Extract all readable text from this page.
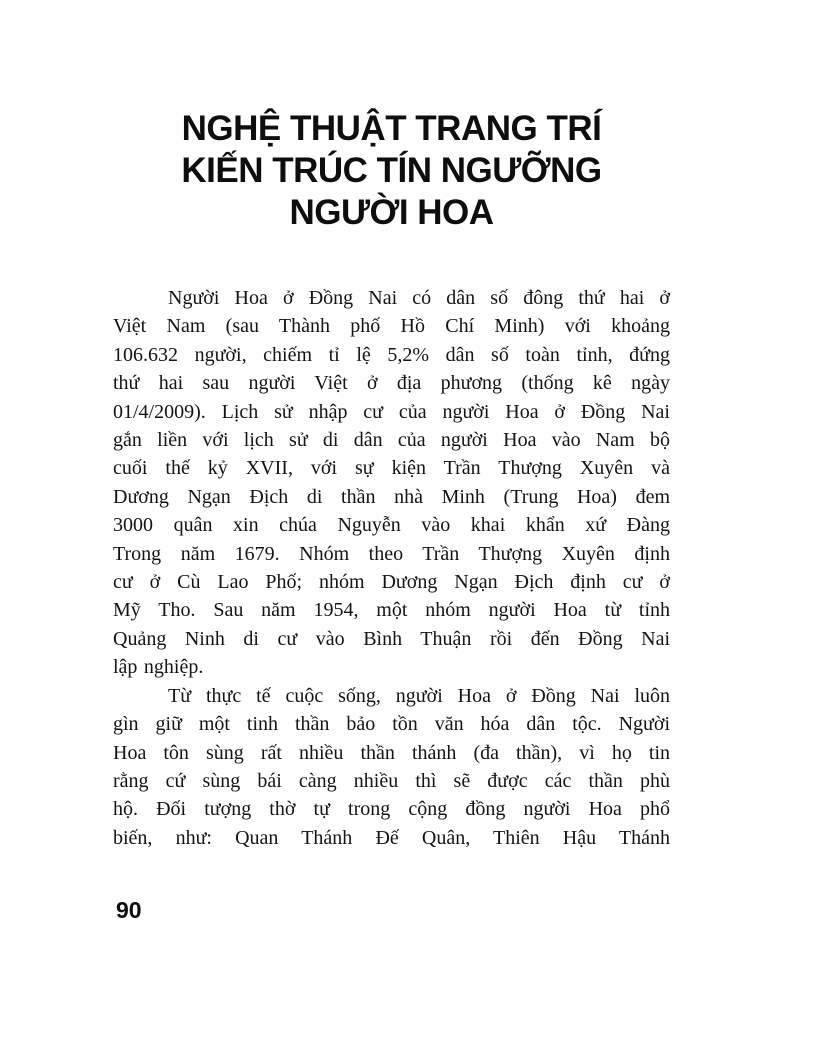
NGHỆ THUẬT TRANG TRÍ
KIẾN TRÚC TÍN NGƯỠNG
NGƯỜI HOA
Người Hoa ở Đồng Nai có dân số đông thứ hai ở
Việt Nam (sau Thành phố Hồ Chí Minh) với khoảng
106.632 người, chiếm tỉ lệ 5,2% dân số toàn tỉnh, đứng
thứ hai sau người Việt ở địa phương (thống kê ngày
01/4/2009). Lịch sử nhập cư của người Hoa ở Đồng Nai
gắn liền với lịch sử di dân của người Hoa vào Nam bộ
cuối thế kỷ XVII, với sự kiện Trần Thượng Xuyên và
Dương Ngạn Địch di thần nhà Minh (Trung Hoa) đem
3000 quân xin chúa Nguyễn vào khai khẩn xứ Đàng
Trong năm 1679. Nhóm theo Trần Thượng Xuyên định
cư ở Cù Lao Phố; nhóm Dương Ngạn Địch định cư ở
Mỹ Tho. Sau năm 1954, một nhóm người Hoa từ tỉnh
Quảng Ninh di cư vào Bình Thuận rồi đến Đồng Nai
lập nghiệp.
Từ thực tế cuộc sống, người Hoa ở Đồng Nai luôn
gìn giữ một tinh thần bảo tồn văn hóa dân tộc. Người
Hoa tôn sùng rất nhiều thần thánh (đa thần), vì họ tin
rằng cứ sùng bái càng nhiều thì sẽ được các thần phù
hộ. Đối tượng thờ tự trong cộng đồng người Hoa phổ
biến, như: Quan Thánh Đế Quân, Thiên Hậu Thánh
90
